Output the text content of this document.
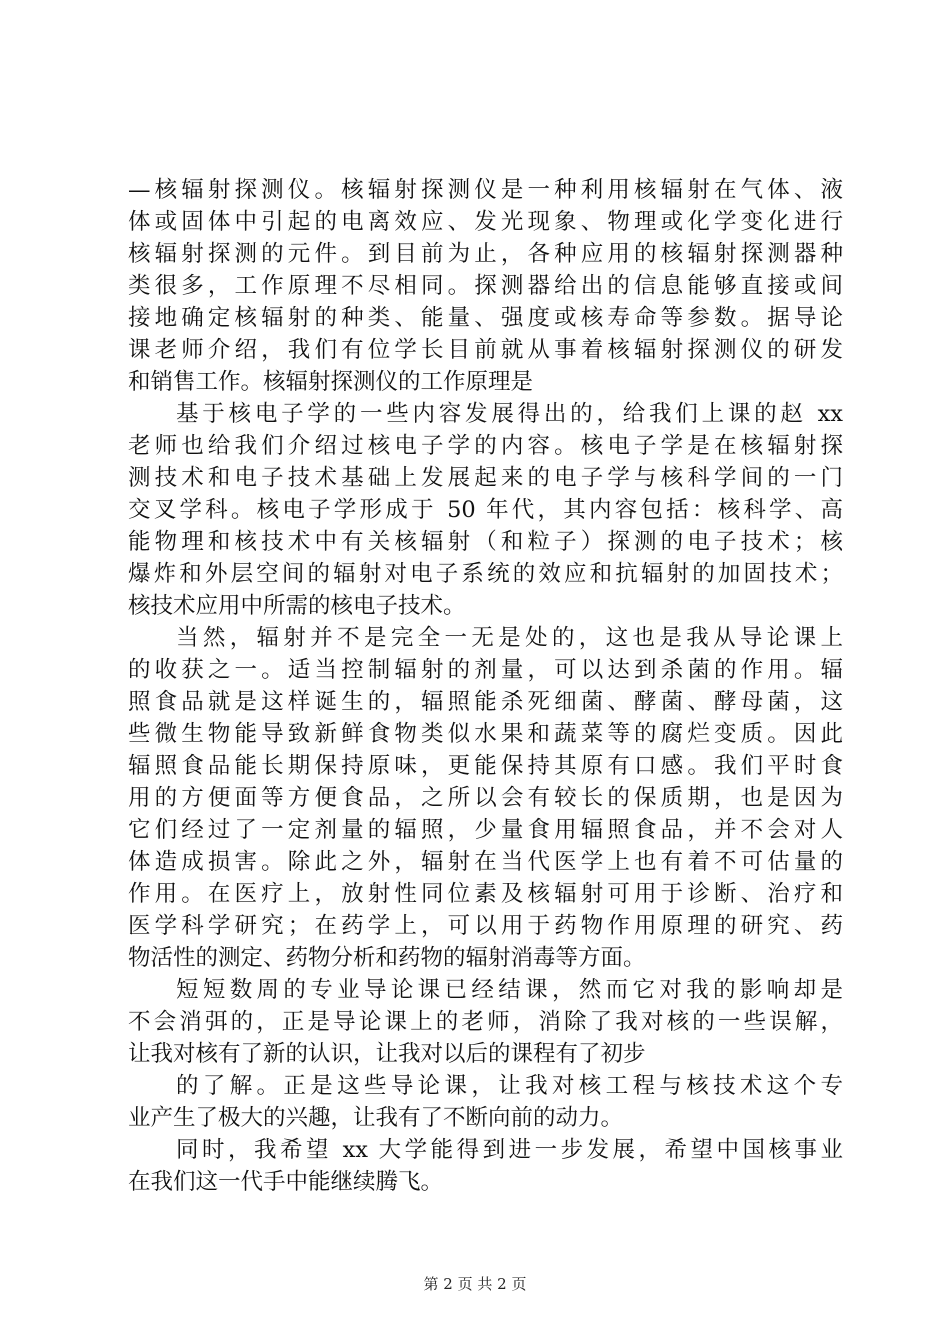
—核辐射探测仪。核辐射探测仪是一种利用核辐射在气体、液
体或固体中引起的电离效应、发光现象、物理或化学变化进行
核辐射探测的元件。到目前为止，各种应用的核辐射探测器种
类很多，工作原理不尽相同。探测器给出的信息能够直接或间
接地确定核辐射的种类、能量、强度或核寿命等参数。据导论
课老师介绍，我们有位学长目前就从事着核辐射探测仪的研发
和销售工作。核辐射探测仪的工作原理是
基于核电子学的一些内容发展得出的，给我们上课的赵 xx
老师也给我们介绍过核电子学的内容。核电子学是在核辐射探
测技术和电子技术基础上发展起来的电子学与核科学间的一门
交叉学科。核电子学形成于 50 年代，其内容包括：核科学、高
能物理和核技术中有关核辐射（和粒子）探测的电子技术；核
爆炸和外层空间的辐射对电子系统的效应和抗辐射的加固技术；
核技术应用中所需的核电子技术。
当然，辐射并不是完全一无是处的，这也是我从导论课上
的收获之一。适当控制辐射的剂量，可以达到杀菌的作用。辐
照食品就是这样诞生的，辐照能杀死细菌、酵菌、酵母菌，这
些微生物能导致新鲜食物类似水果和蔬菜等的腐烂变质。因此
辐照食品能长期保持原味，更能保持其原有口感。我们平时食
用的方便面等方便食品，之所以会有较长的保质期，也是因为
它们经过了一定剂量的辐照，少量食用辐照食品，并不会对人
体造成损害。除此之外，辐射在当代医学上也有着不可估量的
作用。在医疗上，放射性同位素及核辐射可用于诊断、治疗和
医学科学研究；在药学上，可以用于药物作用原理的研究、药
物活性的测定、药物分析和药物的辐射消毒等方面。
短短数周的专业导论课已经结课，然而它对我的影响却是
不会消弭的，正是导论课上的老师，消除了我对核的一些误解，
让我对核有了新的认识，让我对以后的课程有了初步
的了解。正是这些导论课，让我对核工程与核技术这个专
业产生了极大的兴趣，让我有了不断向前的动力。
同时，我希望 xx 大学能得到进一步发展，希望中国核事业
在我们这一代手中能继续腾飞。
第 2 页 共 2 页
